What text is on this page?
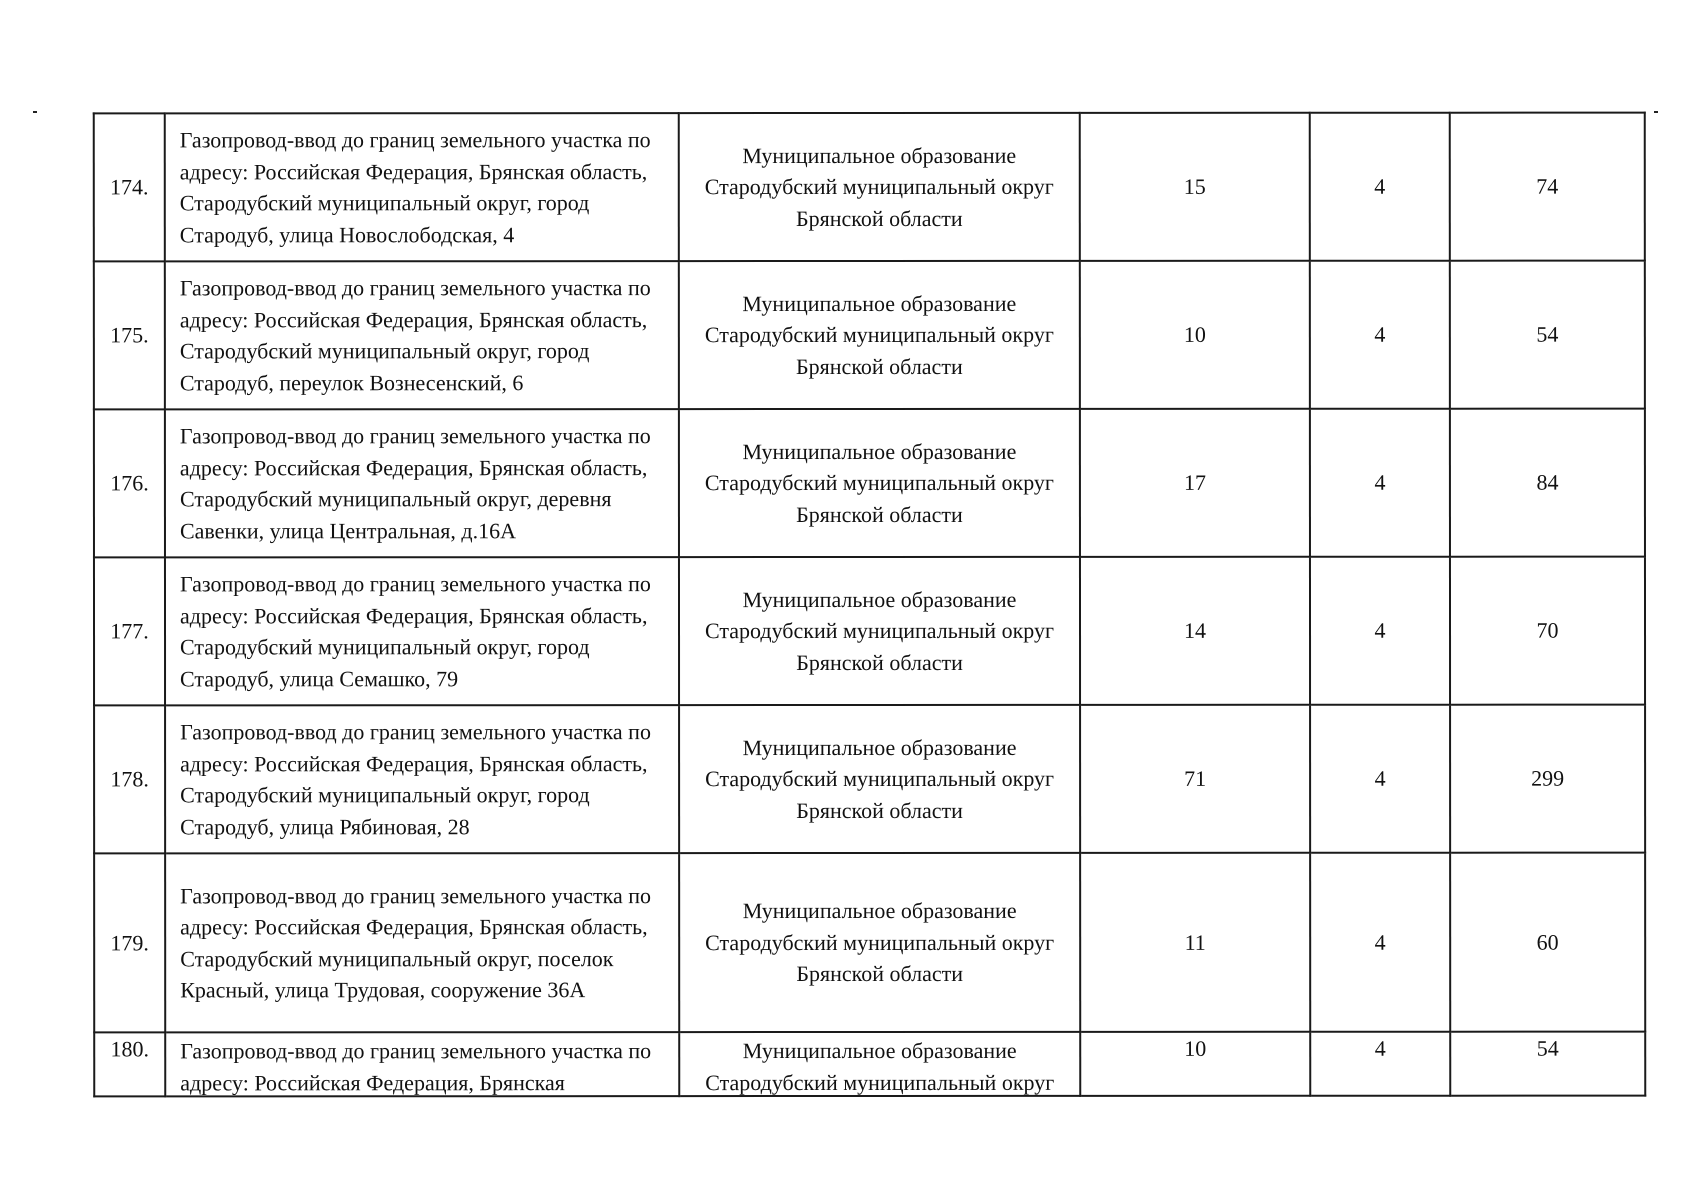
174.	Газопровод-ввод до границ земельного участка по адресу: Российская Федерация, Брянская область, Стародубский муниципальный округ, город Стародуб, улица Новослободская, 4	Муниципальное образование Стародубский муниципальный округ Брянской области	15	4	74
175.	Газопровод-ввод до границ земельного участка по адресу: Российская Федерация, Брянская область, Стародубский муниципальный округ, город Стародуб, переулок Вознесенский, 6	Муниципальное образование Стародубский муниципальный округ Брянской области	10	4	54
176.	Газопровод-ввод до границ земельного участка по адресу: Российская Федерация, Брянская область, Стародубский муниципальный округ, деревня Савенки, улица Центральная, д.16А	Муниципальное образование Стародубский муниципальный округ Брянской области	17	4	84
177.	Газопровод-ввод до границ земельного участка по адресу: Российская Федерация, Брянская область, Стародубский муниципальный округ, город Стародуб, улица Семашко, 79	Муниципальное образование Стародубский муниципальный округ Брянской области	14	4	70
178.	Газопровод-ввод до границ земельного участка по адресу: Российская Федерация, Брянская область, Стародубский муниципальный округ, город Стародуб, улица Рябиновая, 28	Муниципальное образование Стародубский муниципальный округ Брянской области	71	4	299
179.	Газопровод-ввод до границ земельного участка по адресу: Российская Федерация, Брянская область, Стародубский муниципальный округ, поселок Красный, улица Трудовая, сооружение 36А	Муниципальное образование Стародубский муниципальный округ Брянской области	11	4	60
180.	Газопровод-ввод до границ земельного участка по адресу: Российская Федерация, Брянская	Муниципальное образование Стародубский муниципальный округ	10	4	54
